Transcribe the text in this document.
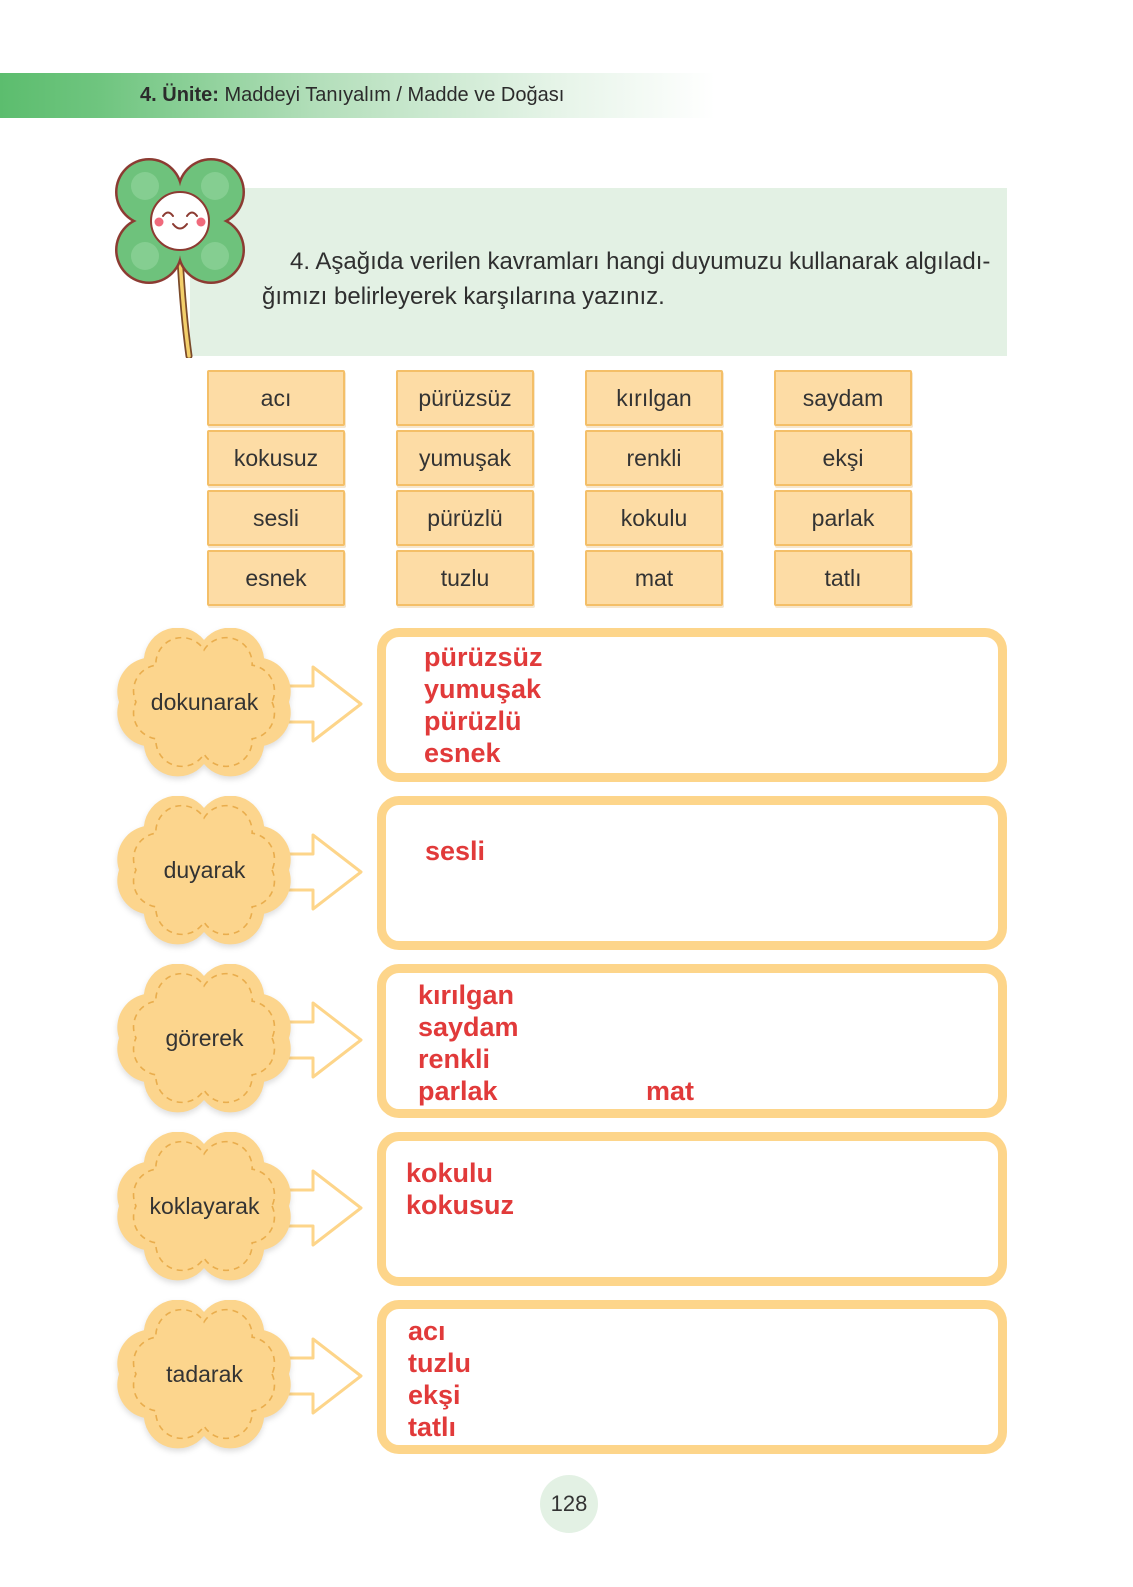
4. Ünite: Maddeyi Tanıyalım / Madde ve Doğası
4. Aşağıda verilen kavramları hangi duyumuzu kullanarak algıladı-
ğımızı belirleyerek karşılarına yazınız.
acı
kokusuz
sesli
esnek
pürüzsüz
yumuşak
pürüzlü
tuzlu
kırılgan
renkli
kokulu
mat
saydam
ekşi
parlak
tatlı
dokunarak
pürüzsüz
yumuşak
pürüzlü
esnek
duyarak
sesli
görerek
kırılgan
saydam
renkli
parlak	mat
koklayarak
kokulu
kokusuz
tadarak
acı
tuzlu
ekşi
tatlı
128
